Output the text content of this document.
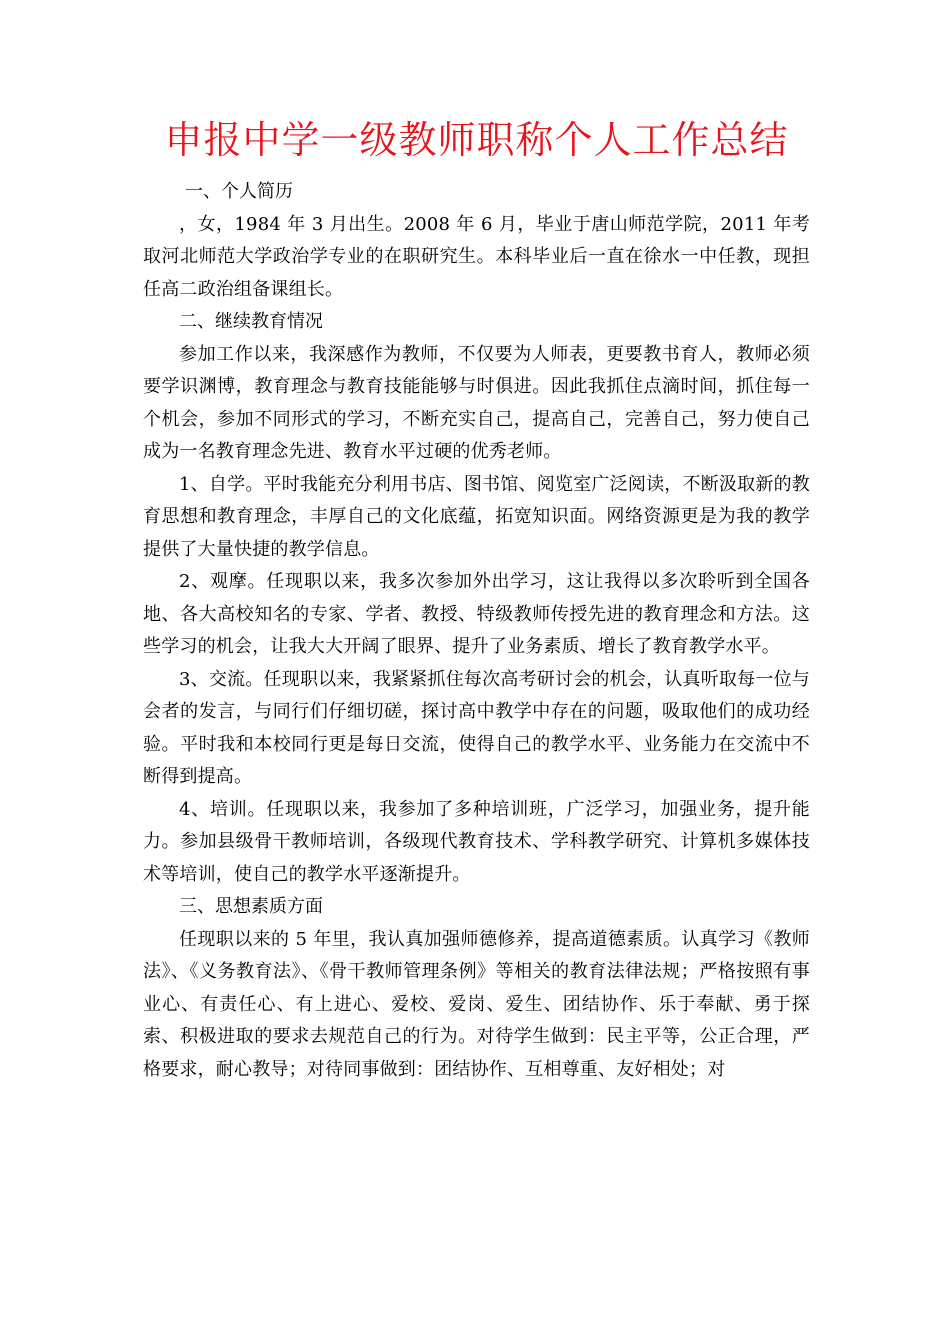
申报中学一级教师职称个人工作总结

一、个人简历

，女，1984 年 3 月出生。2008 年 6 月，毕业于唐山师范学院，2011 年考取河北师范大学政治学专业的在职研究生。本科毕业后一直在徐水一中任教，现担任高二政治组备课组长。

二、继续教育情况

参加工作以来，我深感作为教师，不仅要为人师表，更要教书育人，教师必须要学识渊博，教育理念与教育技能能够与时俱进。因此我抓住点滴时间，抓住每一个机会，参加不同形式的学习，不断充实自己，提高自己，完善自己，努力使自己成为一名教育理念先进、教育水平过硬的优秀老师。

1、自学。平时我能充分利用书店、图书馆、阅览室广泛阅读，不断汲取新的教育思想和教育理念，丰厚自己的文化底蕴，拓宽知识面。网络资源更是为我的教学提供了大量快捷的教学信息。

2、观摩。任现职以来，我多次参加外出学习，这让我得以多次聆听到全国各地、各大高校知名的专家、学者、教授、特级教师传授先进的教育理念和方法。这些学习的机会，让我大大开阔了眼界、提升了业务素质、增长了教育教学水平。

3、交流。任现职以来，我紧紧抓住每次高考研讨会的机会，认真听取每一位与会者的发言，与同行们仔细切磋，探讨高中教学中存在的问题，吸取他们的成功经验。平时我和本校同行更是每日交流，使得自己的教学水平、业务能力在交流中不断得到提高。

4、培训。任现职以来，我参加了多种培训班，广泛学习，加强业务，提升能力。参加县级骨干教师培训，各级现代教育技术、学科教学研究、计算机多媒体技术等培训，使自己的教学水平逐渐提升。

三、思想素质方面

任现职以来的 5 年里，我认真加强师德修养，提高道德素质。认真学习《教师法》、《义务教育法》、《骨干教师管理条例》等相关的教育法律法规；严格按照有事业心、有责任心、有上进心、爱校、爱岗、爱生、团结协作、乐于奉献、勇于探索、积极进取的要求去规范自己的行为。对待学生做到：民主平等，公正合理，严格要求，耐心教导；对待同事做到：团结协作、互相尊重、友好相处；对
